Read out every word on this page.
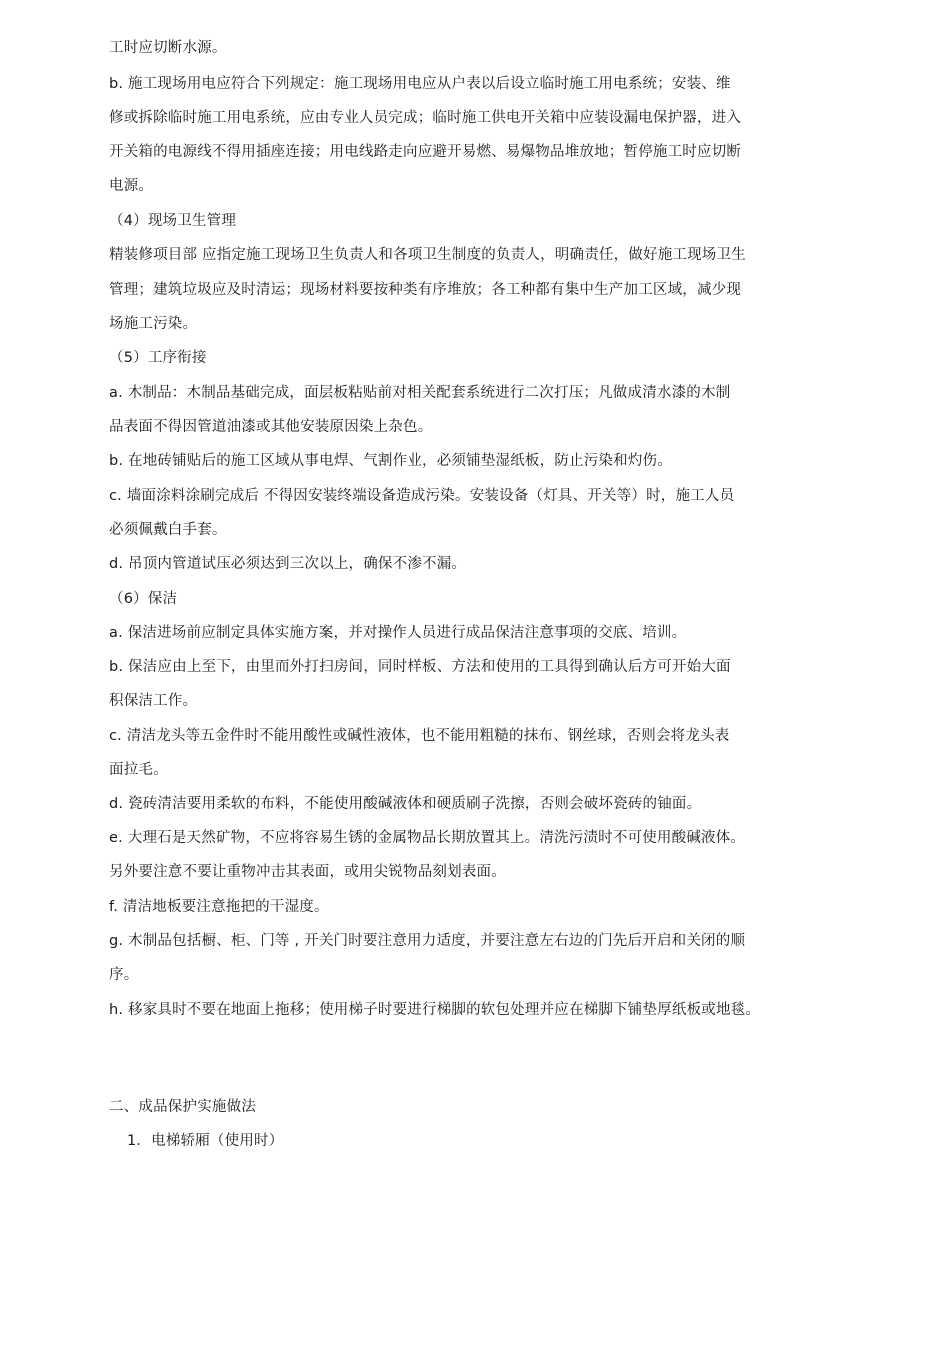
工时应切断水源。
b. 施工现场用电应符合下列规定：施工现场用电应从户表以后设立临时施工用电系统；安装、维
修或拆除临时施工用电系统，应由专业人员完成；临时施工供电开关箱中应装设漏电保护器，进入
开关箱的电源线不得用插座连接；用电线路走向应避开易燃、易爆物品堆放地；暂停施工时应切断
电源。
（4）现场卫生管理
精装修项目部 应指定施工现场卫生负责人和各项卫生制度的负责人，明确责任，做好施工现场卫生
管理；建筑垃圾应及时清运；现场材料要按种类有序堆放；各工种都有集中生产加工区域，减少现
场施工污染。
（5）工序衔接
a. 木制品：木制品基础完成，面层板粘贴前对相关配套系统进行二次打压；凡做成清水漆的木制
品表面不得因管道油漆或其他安装原因染上杂色。
b. 在地砖铺贴后的施工区域从事电焊、气割作业，必须铺垫湿纸板，防止污染和灼伤。
c. 墙面涂料涂刷完成后 不得因安装终端设备造成污染。安装设备（灯具、开关等）时，施工人员
必须佩戴白手套。
d. 吊顶内管道试压必须达到三次以上，确保不渗不漏。
（6）保洁
a. 保洁进场前应制定具体实施方案，并对操作人员进行成品保洁注意事项的交底、培训。
b. 保洁应由上至下，由里而外打扫房间，同时样板、方法和使用的工具得到确认后方可开始大面
积保洁工作。
c. 清洁龙头等五金件时不能用酸性或碱性液体，也不能用粗糙的抹布、钢丝球，否则会将龙头表
面拉毛。
d. 瓷砖清洁要用柔软的布料，不能使用酸碱液体和硬质刷子洗擦，否则会破坏瓷砖的铀面。
e. 大理石是天然矿物，不应将容易生锈的金属物品长期放置其上。清洗污渍时不可使用酸碱液体。
另外要注意不要让重物冲击其表面，或用尖锐物品刻划表面。
f. 清洁地板要注意拖把的干湿度。
g. 木制品包括橱、柜、门等 , 开关门时要注意用力适度，并要注意左右边的门先后开启和关闭的顺
序。
h. 移家具时不要在地面上拖移；使用梯子时要进行梯脚的软包处理并应在梯脚下铺垫厚纸板或地毯。
二、成品保护实施做法
1．电梯轿厢（使用时）
